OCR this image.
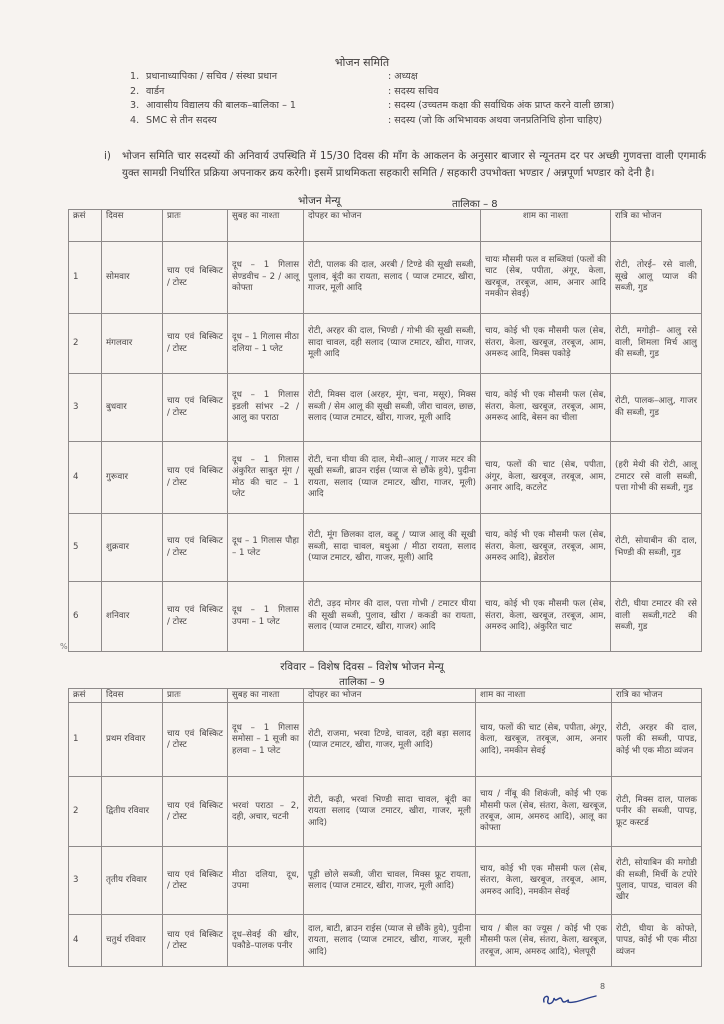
भोजन समिति
1. प्रधानाध्यापिका / सचिव / संस्था प्रधान	: अध्यक्ष
2. वार्डन	: सदस्य सचिव
3. आवासीय विद्यालय की बालक–बालिका – 1	: सदस्य (उच्चतम कक्षा की सर्वाधिक अंक प्राप्त करने वाली छात्रा)
4. SMC से तीन सदस्य	: सदस्य (जो कि अभिभावक अथवा जनप्रतिनिधि होना चाहिए)
i) भोजन समिति चार सदस्यों की अनिवार्य उपस्थिति में 15/30 दिवस की माँग के आकलन के अनुसार बाजार से न्यूनतम दर पर अच्छी गुणवत्ता वाली एगमार्क युक्त सामग्री निर्धारित प्रक्रिया अपनाकर क्रय करेगी। इसमें प्राथमिकता सहकारी समिति / सहकारी उपभोक्ता भण्डार / अन्नपूर्णा भण्डार को देनी है।
भोजन मेन्यू	तालिका – 8
क्रसं	दिवस	प्रातः	सुबह का नाश्ता	दोपहर का भोजन	शाम का नाश्ता	रात्रि का भोजन
1	सोमवार	चाय एवं बिस्किट / टोस्ट	दूध – 1 गिलास सेण्डवीच – 2 / आलू कोफ्ता	रोटी, पालक की दाल, अरबी / टिण्डे की सूखी सब्जी, पुलाव, बूंदी का रायता, सलाद ( प्याज टमाटर, खीरा, गाजर, मूली आदि	चायः मौसमी फल व सब्जियां (फलों की चाट (सेब, पपीता, अंगूर, केला, खरबूज, तरबूज, आम, अनार आदि नमकीन सेवई)	रोटी, तोरई– रसे वाली, सूखे आलू प्याज की सब्जी, गुड
2	मंगलवार	चाय एवं बिस्किट / टोस्ट	दूध – 1 गिलास मीठा दलिया – 1 प्लेट	रोटी, अरहर की दाल, भिण्डी / गोभी की सूखी सब्जी, सादा चावल, दही सलाद (प्याज टमाटर, खीरा, गाजर, मूली आदि	चाय, कोई भी एक मौसमी फल (सेब, संतरा, केला, खरबूज, तरबूज, आम, अमरूद आदि, मिक्स पकोड़े	रोटी, मगोड़ी– आलु रसे वाली, शिमला मिर्च आलु की सब्जी, गुड
3	बुधवार	चाय एवं बिस्किट / टोस्ट	दूध – 1 गिलास इडली सांभर –2 / आलु का पराठा	रोटी, मिक्स दाल (अरहर, मूंग, चना, मसूर), मिक्स सब्जी / सेम आलू की सूखी सब्जी, जीरा चावल, छाछ, सलाद (प्याज टमाटर, खीरा, गाजर, मूली आदि	चाय, कोई भी एक मौसमी फल (सेब, संतरा, केला, खरबूज, तरबूज, आम, अमरूद आदि, बेसन का चीला	रोटी, पालक–आलु, गाजर की सब्जी, गुड
4	गुरूवार	चाय एवं बिस्किट / टोस्ट	दूध – 1 गिलास अंकुरित साबुत मूंग / मोठ की चाट – 1 प्लेट	रोटी, चना घीया की दाल, मेथी–आलू / गाजर मटर की सूखी सब्जी, ब्राउन राईस (प्याज से छौंके हुये), पुदीना रायता, सलाद (प्याज टमाटर, खीरा, गाजर, मूली) आदि	चाय, फलों की चाट (सेब, पपीता, अंगूर, केला, खरबूज, तरबूज, आम, अनार आदि, कटलेट	(हरी मेथी की रोटी, आलू टमाटर रसे वाली सब्जी, पत्ता गोभी की सब्जी, गुड
5	शुक्रवार	चाय एवं बिस्किट / टोस्ट	दूध – 1 गिलास पौहा – 1 प्लेट	रोटी, मूंग छिलका दाल, कद्दू / प्याज आलू की सूखी सब्जी, सादा चावल, बथुआ / मीठा रायता, सलाद (प्याज टमाटर, खीरा, गाजर, मूली) आदि	चाय, कोई भी एक मौसमी फल (सेब, संतरा, केला, खरबूज, तरबूज, आम, अमरुद आदि), ब्रेडरोल	रोटी, सोयाबीन की दाल, भिण्डी की सब्जी, गुड
6	शनिवार	चाय एवं बिस्किट / टोस्ट	दूध – 1 गिलास उपमा – 1 प्लेट	रोटी, उड़द मोगर की दाल, पत्ता गोभी / टमाटर घीया की सूखी सब्जी, पुलाव, खीरा / ककडी का रायता, सलाद (प्याज टमाटर, खीरा, गाजर) आदि	चाय, कोई भी एक मौसमी फल (सेब, संतरा, केला, खरबूज, तरबूज, आम, अमरुद आदि), अंकुरित चाट	रोटी, घीया टमाटर की रसे वाली सब्जी,गटटे की सब्जी, गुड
%
रविवार – विशेष दिवस – विशेष भोजन मेन्यू
तालिका – 9
क्रसं	दिवस	प्रातः	सुबह का नाश्ता	दोपहर का भोजन	शाम का नाश्ता	रात्रि का भोजन
1	प्रथम रविवार	चाय एवं बिस्किट / टोस्ट	दूध – 1 गिलास समोसा – 1 सूजी का हलवा – 1 प्लेट	रोटी, राजमा, भरवा टिण्डे, चावल, दही बड़ा सलाद (प्याज टमाटर, खीरा, गाजर, मूली आदि)	चाय, फलों की चाट (सेब, पपीता, अंगूर, केला, खरबूज, तरबूज, आम, अनार आदि), नमकीन सेवई	रोटी, अरहर की दाल, फली की सब्जी, पापड, कोई भी एक मीठा व्यंजन
2	द्वितीय रविवार	चाय एवं बिस्किट / टोस्ट	भरवां पराठा – 2, दही, अचार, चटनी	रोटी, कढ़ी, भरवां भिण्डी सादा चावल, बूंदी का रायता सलाद (प्याज टमाटर, खीरा, गाजर, मूली आदि)	चाय / नींबू की शिकंजी, कोई भी एक मौसमी फल (सेब, संतरा, केला, खरबूज, तरबूज, आम, अमरुद आदि), आलू का कोफ्ता	रोटी, मिक्स दाल, पालक पनीर की सब्जी, पापड़, फ्रूट कस्टर्ड
3	तृतीय रविवार	चाय एवं बिस्किट / टोस्ट	मीठा दलिया, दूध, उपमा	पूड़ी छोले सब्जी, जीरा चावल, मिक्स फ्रूट रायता, सलाद (प्याज टमाटर, खीरा, गाजर, मूली आदि)	चाय, कोई भी एक मौसमी फल (सेब, संतरा, केला, खरबूज, तरबूज, आम, अमरुद आदि), नमकीन सेवई	रोटी, सोयाबिन की मगोडी की सब्जी, मिर्ची के टपोरे पुलाव, पापड, चावल की खीर
4	चतुर्थ रविवार	चाय एवं बिस्किट / टोस्ट	दूध–सेवई की खीर, पकौडे–पालक पनीर	दाल, बाटी, ब्राउन राईस (प्याज से छौंके हुये), पुदीना रायता, सलाद (प्याज टमाटर, खीरा, गाजर, मूली आदि)	चाय / बील का ज्यूस / कोई भी एक मौसमी फल (सेब, संतरा, केला, खरबूज, तरबूज, आम, अमरुद आदि), भेलपूरी	रोटी, घीया के कोफ्ते, पापड, कोई भी एक मीठा व्यंजन
8
